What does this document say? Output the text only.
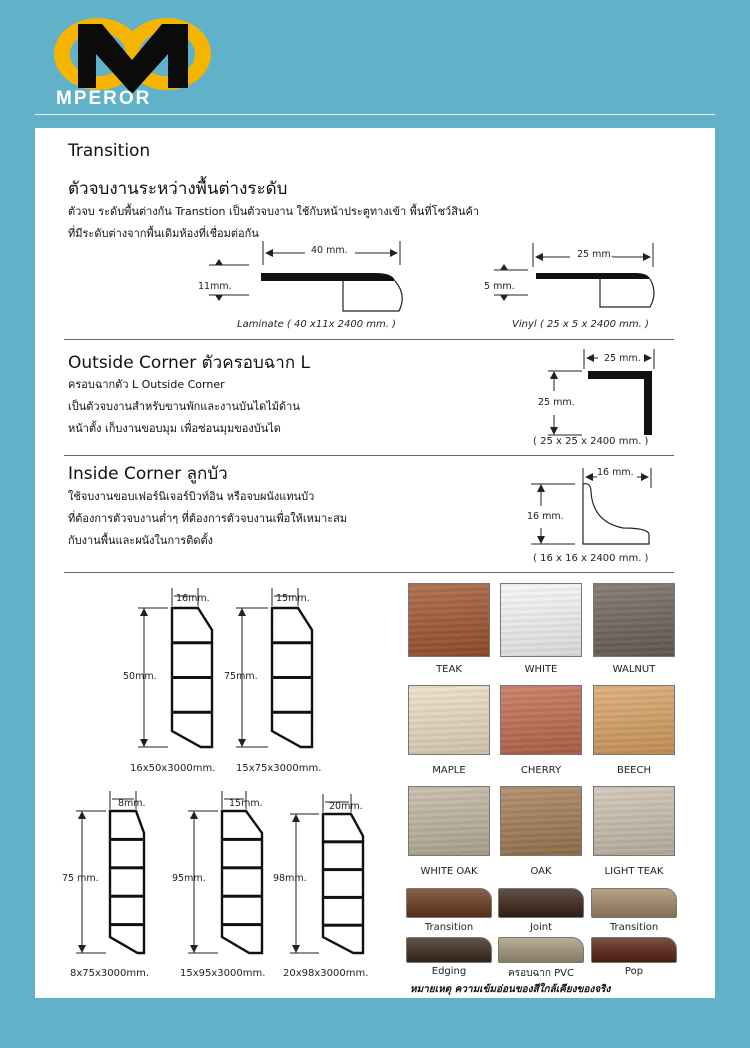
MPEROR
Transition
ตัวจบงานระหว่างพื้นต่างระดับ
ตัวจบ ระดับพื้นต่างกัน Transtion เป็นตัวจบงาน ใช้กับหน้าประตูทางเข้า พื้นที่โชว์สินค้า
ที่มีระดับต่างจากพื้นเดิมห้องที่เชื่อมต่อกัน
40 mm.
11mm.
Laminate ( 40 x11x 2400 mm. )
25 mm.
5 mm.
Vinyl ( 25 x 5 x 2400 mm. )
Outside Corner ตัวครอบฉาก L
ครอบฉากตัว L Outside Corner
เป็นตัวจบงานสำหรับขานพักและงานบันไดไม้ด้าน
หน้าตั้ง เก็บงานขอบมุม เพื่อซ่อนมุมของบันได
25 mm.
25 mm.
( 25 x 25 x 2400 mm. )
Inside Corner ลูกบัว
ใช้จบงานขอบเฟอร์นิเจอร์บิวท์อิน หรือจบผนังแทนบัว
ที่ต้องการตัวจบงานต่ำๆ ที่ต้องการตัวจบงานเพื่อให้เหมาะสม
กับงานพื้นและผนังในการติดตั้ง
16 mm.
16 mm.
( 16 x 16 x 2400 mm. )
16mm.
50mm.
16x50x3000mm.
15mm.
75mm.
15x75x3000mm.
8mm.
75 mm.
8x75x3000mm.
15mm.
95mm.
15x95x3000mm.
20mm.
98mm.
20x98x3000mm.
TEAK	WHITE	WALNUT
MAPLE	CHERRY	BEECH
WHITE OAK	OAK	LIGHT TEAK
Transition	Joint	Transition
Edging	ครอบฉาก PVC	Pop
หมายเหตุ ความเข้มอ่อนของสีใกล้เคียงของจริง
